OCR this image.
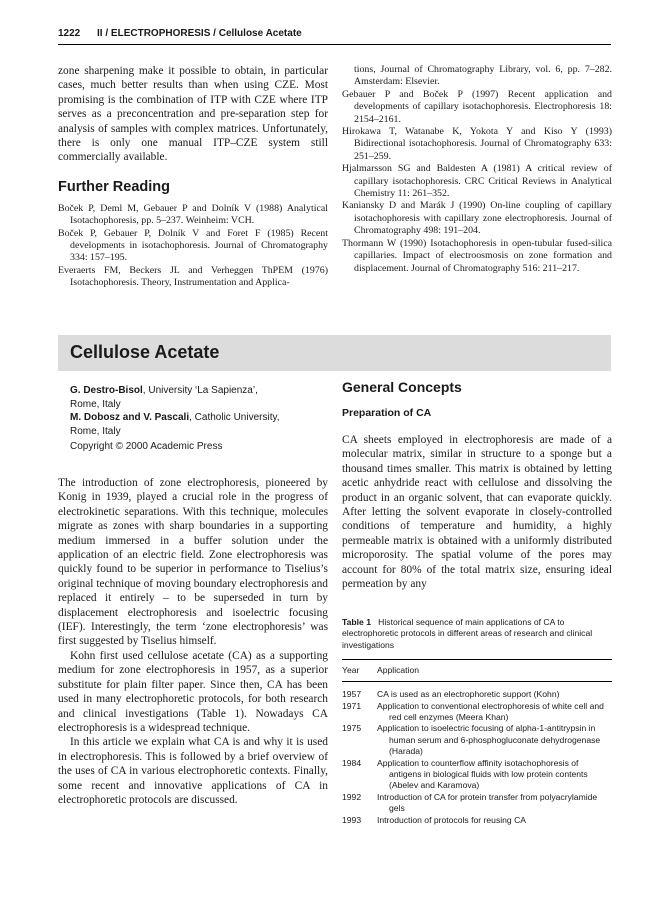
1222 II / ELECTROPHORESIS / Cellulose Acetate

zone sharpening make it possible to obtain, in particular cases, much better results than when using CZE. Most promising is the combination of ITP with CZE where ITP serves as a preconcentration and pre-separation step for analysis of samples with complex matrices. Unfortunately, there is only one manual ITP–CZE system still commercially available.

Further Reading
Boček P, Deml M, Gebauer P and Dolník V (1988) Analytical Isotachophoresis, pp. 5–237. Weinheim: VCH.
Boček P, Gebauer P, Dolník V and Foret F (1985) Recent developments in isotachophoresis. Journal of Chromatography 334: 157–195.
Everaerts FM, Beckers JL and Verheggen ThPEM (1976) Isotachophoresis. Theory, Instrumentation and Applica-
tions, Journal of Chromatography Library, vol. 6, pp. 7–282. Amsterdam: Elsevier.
Gebauer P and Boček P (1997) Recent application and developments of capillary isotachophoresis. Electrophoresis 18: 2154–2161.
Hirokawa T, Watanabe K, Yokota Y and Kiso Y (1993) Bidirectional isotachophoresis. Journal of Chromatography 633: 251–259.
Hjalmarsson SG and Baldesten A (1981) A critical review of capillary isotachophoresis. CRC Critical Reviews in Analytical Chemistry 11: 261–352.
Kaniansky D and Marák J (1990) On-line coupling of capillary isotachophoresis with capillary zone electrophoresis. Journal of Chromatography 498: 191–204.
Thormann W (1990) Isotachophoresis in open-tubular fused-silica capillaries. Impact of electroosmosis on zone formation and displacement. Journal of Chromatography 516: 211–217.
Cellulose Acetate
G. Destro-Bisol, University ‘La Sapienza’,
Rome, Italy
M. Dobosz and V. Pascali, Catholic University,
Rome, Italy
Copyright © 2000 Academic Press

The introduction of zone electrophoresis, pioneered by Konig in 1939, played a crucial role in the progress of electrokinetic separations. With this technique, molecules migrate as zones with sharp boundaries in a supporting medium immersed in a buffer solution under the application of an electric field. Zone electrophoresis was quickly found to be superior in performance to Tiselius’s original technique of moving boundary electrophoresis and replaced it entirely – to be superseded in turn by displacement electrophoresis and isoelectric focusing (IEF). Interestingly, the term ‘zone electrophoresis’ was first suggested by Tiselius himself.

Kohn first used cellulose acetate (CA) as a supporting medium for zone electrophoresis in 1957, as a superior substitute for plain filter paper. Since then, CA has been used in many electrophoretic protocols, for both research and clinical investigations (Table 1). Nowadays CA electrophoresis is a widespread technique.

In this article we explain what CA is and why it is used in electrophoresis. This is followed by a brief overview of the uses of CA in various electrophoretic contexts. Finally, some recent and innovative applications of CA in electrophoretic protocols are discussed.

General Concepts
Preparation of CA

CA sheets employed in electrophoresis are made of a molecular matrix, similar in structure to a sponge but a thousand times smaller. This matrix is obtained by letting acetic anhydride react with cellulose and dissolving the product in an organic solvent, that can evaporate quickly. After letting the solvent evaporate in closely-controlled conditions of temperature and humidity, a highly permeable matrix is obtained with a uniformly distributed microporosity. The spatial volume of the pores may account for 80% of the total matrix size, ensuring ideal permeation by any

Table 1 Historical sequence of main applications of CA to electrophoretic protocols in different areas of research and clinical investigations

Year	Application
1957	CA is used as an electrophoretic support (Kohn)
1971	Application to conventional electrophoresis of white cell and red cell enzymes (Meera Khan)
1975	Application to isoelectric focusing of alpha-1-antitrypsin in human serum and 6-phosphogluconate dehydrogenase (Harada)
1984	Application to counterflow affinity isotachophoresis of antigens in biological fluids with low protein contents (Abelev and Karamova)
1992	Introduction of CA for protein transfer from polyacrylamide gels
1993	Introduction of protocols for reusing CA
